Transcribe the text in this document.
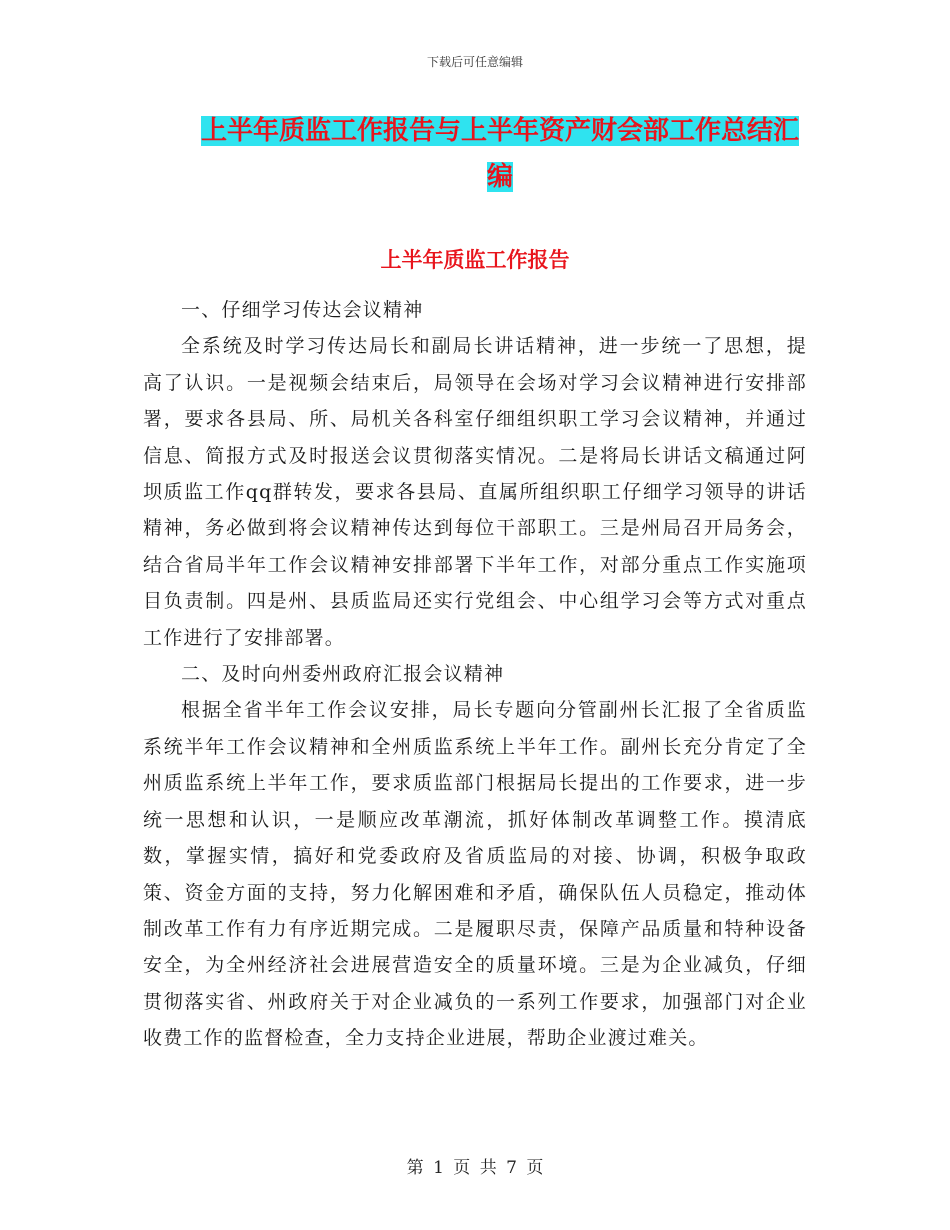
下载后可任意编辑
上半年质监工作报告与上半年资产财会部工作总结汇
编
上半年质监工作报告

一、仔细学习传达会议精神

全系统及时学习传达局长和副局长讲话精神，进一步统一了思想，提高了认识。一是视频会结束后，局领导在会场对学习会议精神进行安排部署，要求各县局、所、局机关各科室仔细组织职工学习会议精神，并通过信息、简报方式及时报送会议贯彻落实情况。二是将局长讲话文稿通过阿坝质监工作qq群转发，要求各县局、直属所组织职工仔细学习领导的讲话精神，务必做到将会议精神传达到每位干部职工。三是州局召开局务会，结合省局半年工作会议精神安排部署下半年工作，对部分重点工作实施项目负责制。四是州、县质监局还实行党组会、中心组学习会等方式对重点工作进行了安排部署。

二、及时向州委州政府汇报会议精神

根据全省半年工作会议安排，局长专题向分管副州长汇报了全省质监系统半年工作会议精神和全州质监系统上半年工作。副州长充分肯定了全州质监系统上半年工作，要求质监部门根据局长提出的工作要求，进一步统一思想和认识，一是顺应改革潮流，抓好体制改革调整工作。摸清底数，掌握实情，搞好和党委政府及省质监局的对接、协调，积极争取政策、资金方面的支持，努力化解困难和矛盾，确保队伍人员稳定，推动体制改革工作有力有序近期完成。二是履职尽责，保障产品质量和特种设备安全，为全州经济社会进展营造安全的质量环境。三是为企业减负，仔细贯彻落实省、州政府关于对企业减负的一系列工作要求，加强部门对企业收费工作的监督检查，全力支持企业进展，帮助企业渡过难关。

第 1 页 共 7 页
